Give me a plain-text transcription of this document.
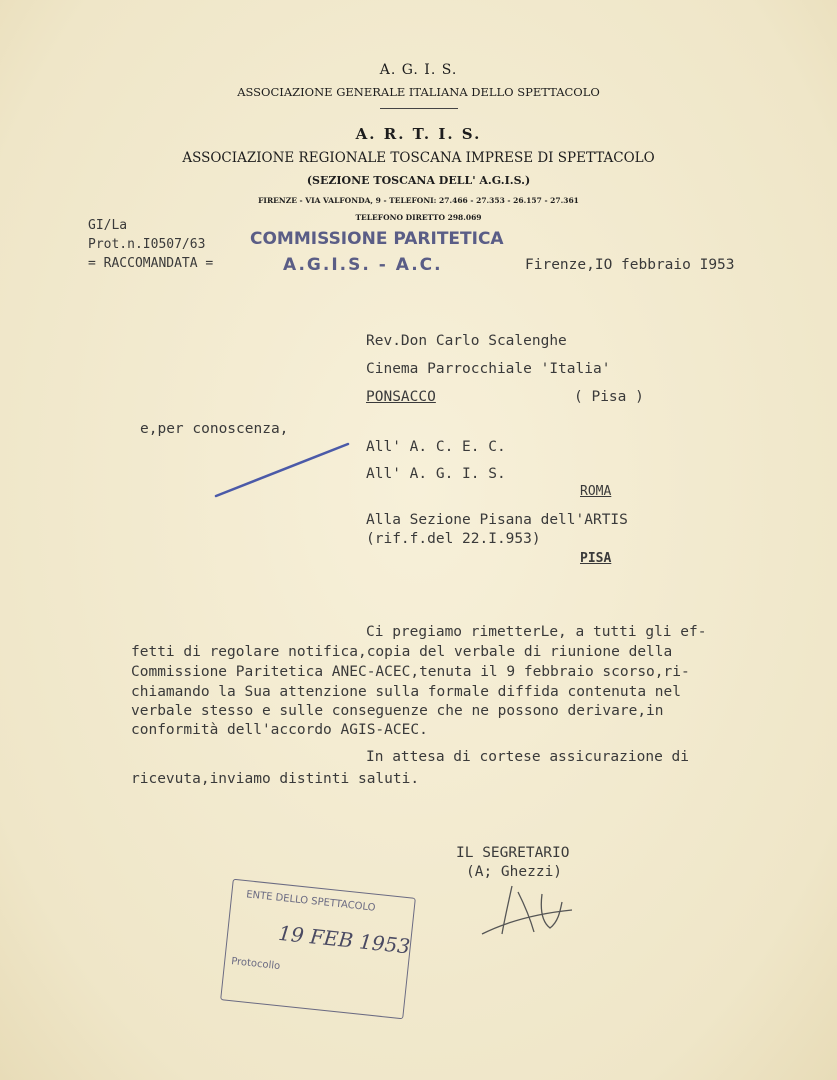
A. G. I. S.
ASSOCIAZIONE GENERALE ITALIANA DELLO SPETTACOLO
A. R. T. I. S.
ASSOCIAZIONE REGIONALE TOSCANA IMPRESE DI SPETTACOLO
(SEZIONE TOSCANA DELL' A.G.I.S.)
FIRENZE - VIA VALFONDA, 9 - TELEFONI: 27.466 - 27.353 - 26.157 - 27.361
TELEFONO DIRETTO 298.069
GI/La
Prot.n.I0507/63
= RACCOMANDATA =
COMMISSIONE PARITETICA
A.G.I.S. - A.C.	Firenze,IO febbraio I953
Rev.Don Carlo Scalenghe
Cinema Parrocchiale 'Italia'
PONSACCO	( Pisa )
e,per conoscenza,
All' A. C. E. C.
All' A. G. I. S.
ROMA
Alla Sezione Pisana dell'ARTIS
(rif.f.del 22.I.953)
PISA
Ci pregiamo rimetterLe, a tutti gli ef-
fetti di regolare notifica,copia del verbale di riunione della
Commissione Paritetica ANEC-ACEC,tenuta il 9 febbraio scorso,ri-
chiamando la Sua attenzione sulla formale diffida contenuta nel
verbale stesso e sulle conseguenze che ne possono derivare,in
conformità dell'accordo AGIS-ACEC.
In attesa di cortese assicurazione di
ricevuta,inviamo distinti saluti.
IL SEGRETARIO
(A; Ghezzi)
ENTE DELLO SPETTACOLO
19 FEB 1953
Protocollo
